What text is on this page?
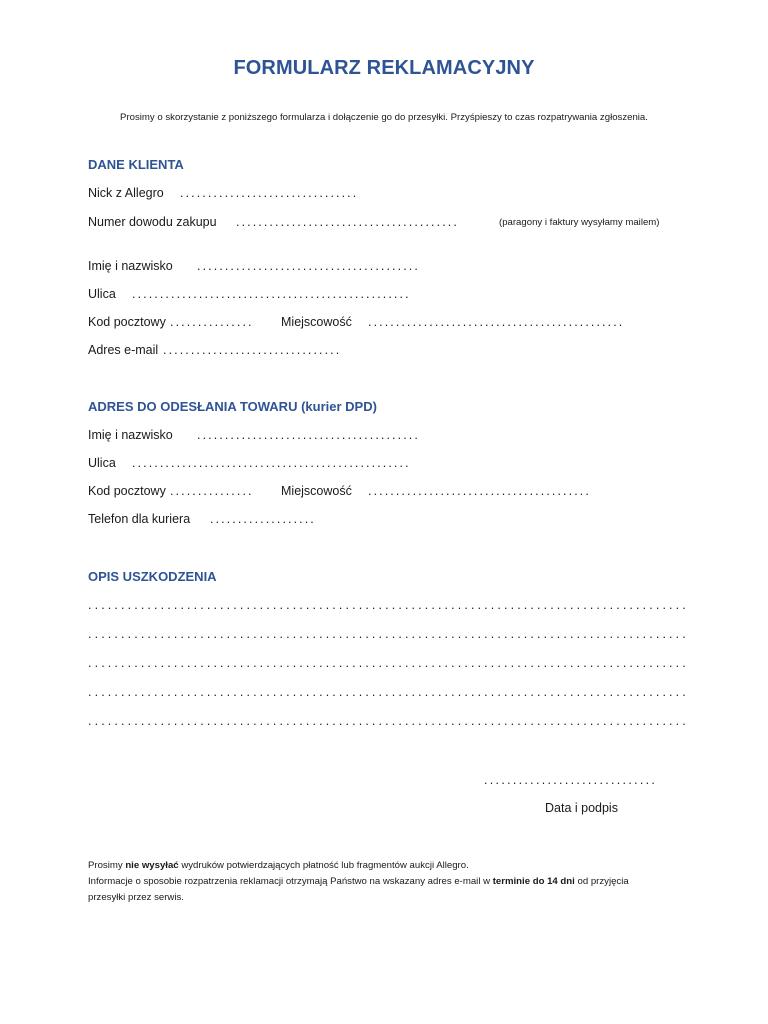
FORMULARZ REKLAMACYJNY
Prosimy o skorzystanie z poniższego formularza i dołączenie go do przesyłki. Przyśpieszy to czas rozpatrywania zgłoszenia.
DANE KLIENTA
Nick z Allegro ................................
Numer dowodu zakupu ........................................	(paragony i faktury wysyłamy mailem)
Imię i nazwisko ........................................
Ulica ..................................................
Kod pocztowy ............... Miejscowość ..............................................
Adres e-mail ................................
ADRES DO ODESŁANIA TOWARU (kurier DPD)
Imię i nazwisko ........................................
Ulica ..................................................
Kod pocztowy ............... Miejscowość ........................................
Telefon dla kuriera ...................
OPIS USZKODZENIA
...........................................................................................
...........................................................................................
...........................................................................................
...........................................................................................
...........................................................................................
..............................
Data i podpis
Prosimy nie wysyłać wydruków potwierdzających płatność lub fragmentów aukcji Allegro.
Informacje o sposobie rozpatrzenia reklamacji otrzymają Państwo na wskazany adres e-mail w terminie do 14 dni od przyjęcia
przesyłki przez serwis.
